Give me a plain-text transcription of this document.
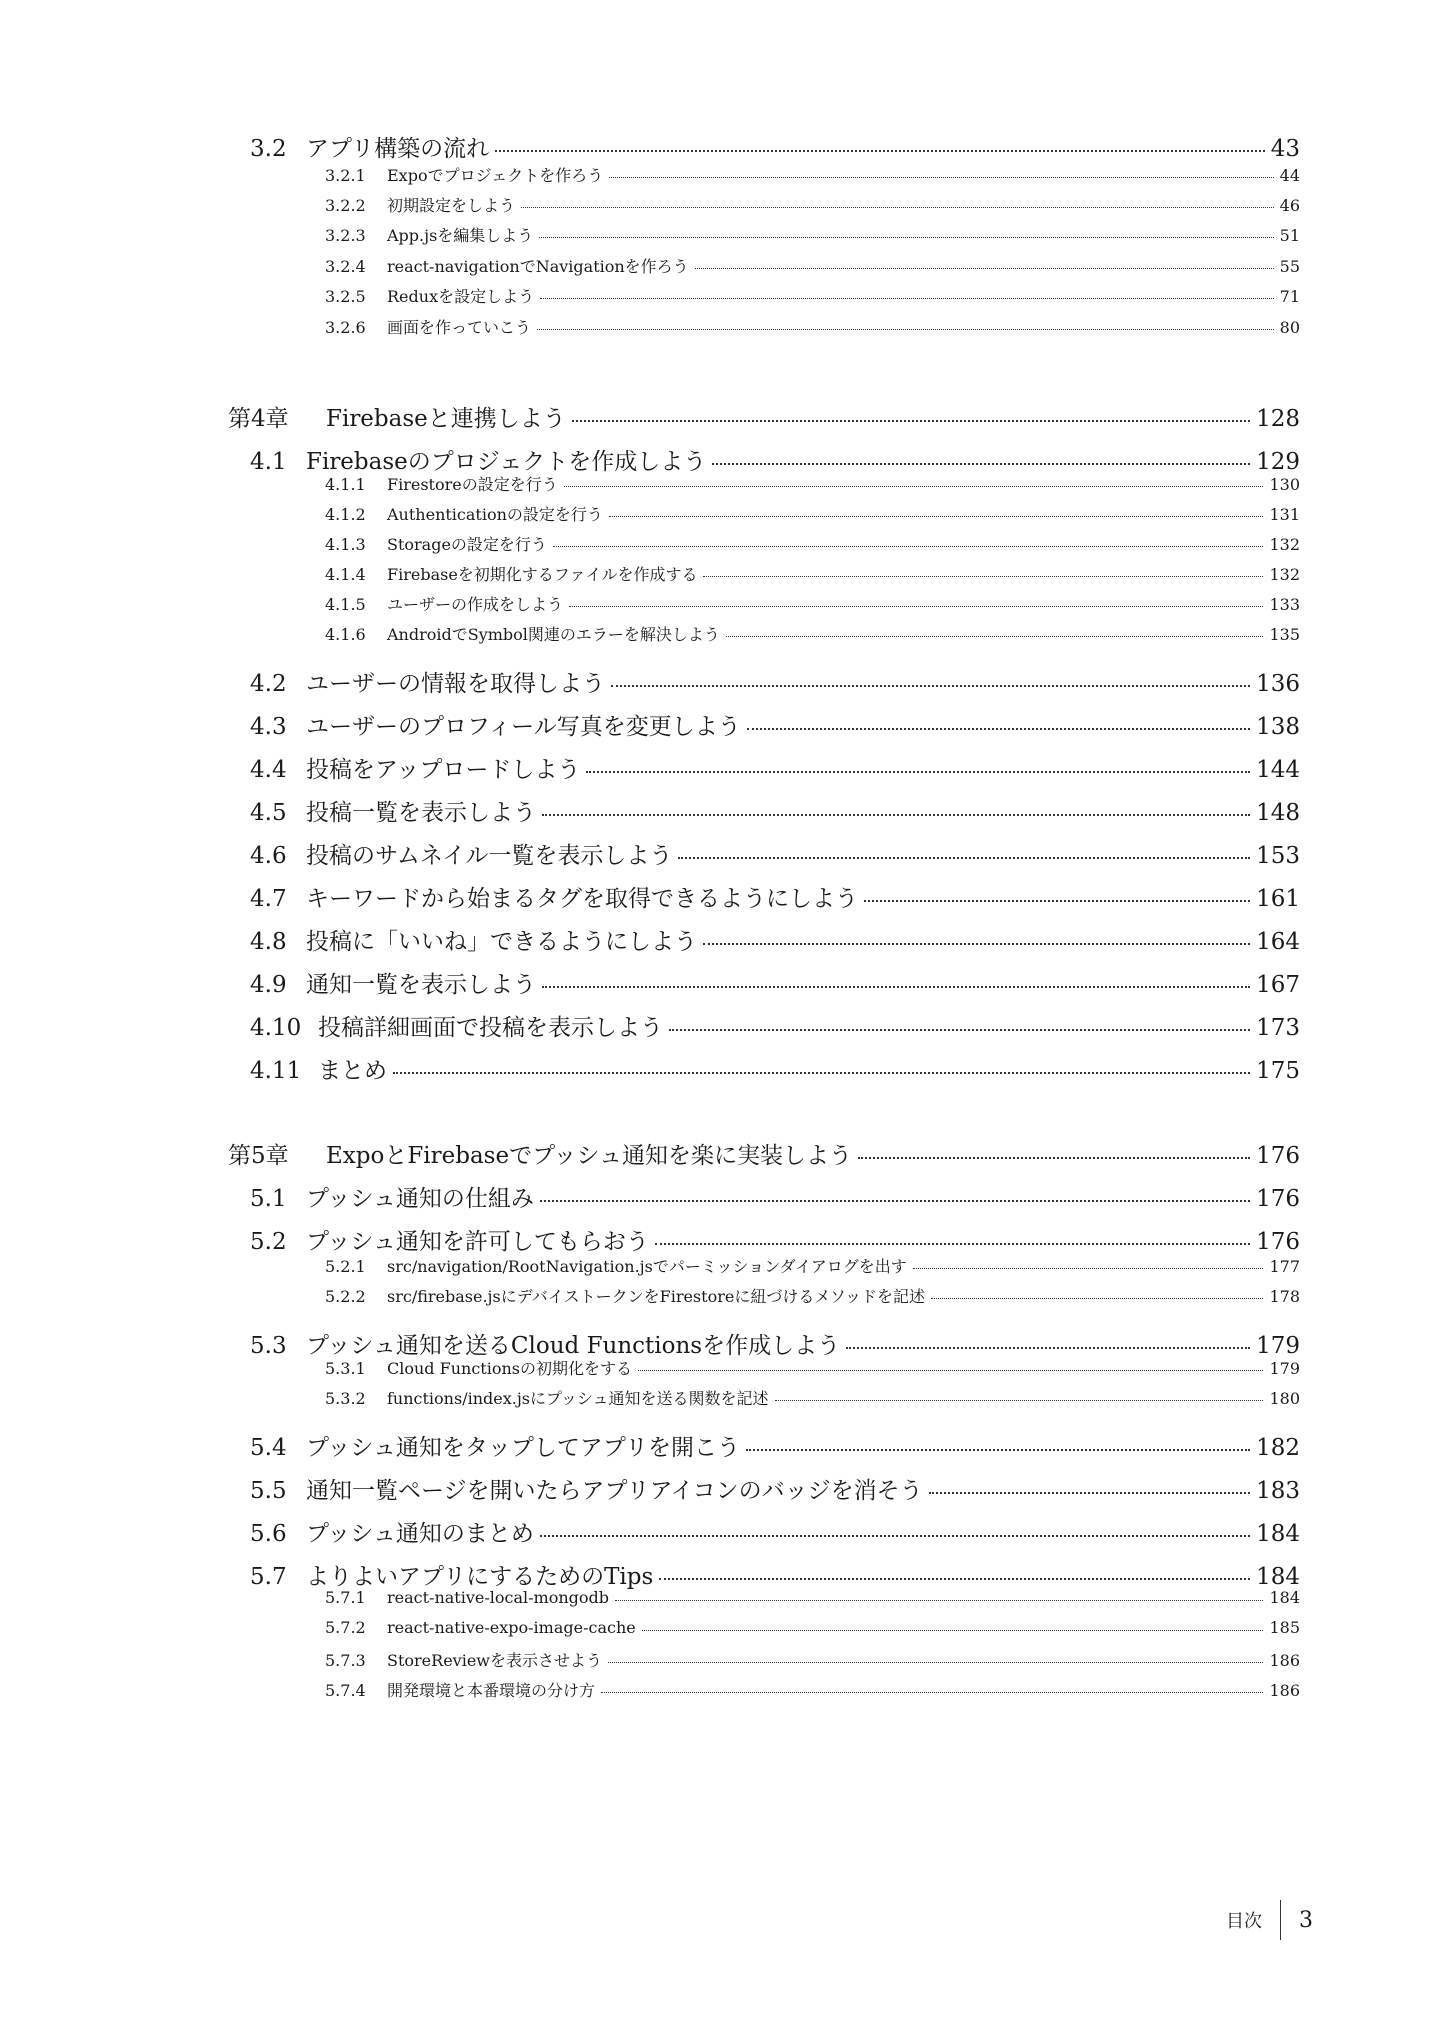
3.2 アプリ構築の流れ	43
3.2.1	Expoでプロジェクトを作ろう	44
3.2.2	初期設定をしよう	46
3.2.3	App.jsを編集しよう	51
3.2.4	react-navigationでNavigationを作ろう	55
3.2.5	Reduxを設定しよう	71
3.2.6	画面を作っていこう	80
第4章	Firebaseと連携しよう	128
4.1 Firebaseのプロジェクトを作成しよう	129
4.1.1	Firestoreの設定を行う	130
4.1.2	Authenticationの設定を行う	131
4.1.3	Storageの設定を行う	132
4.1.4	Firebaseを初期化するファイルを作成する	132
4.1.5	ユーザーの作成をしよう	133
4.1.6	AndroidでSymbol関連のエラーを解決しよう	135
4.2 ユーザーの情報を取得しよう	136
4.3 ユーザーのプロフィール写真を変更しよう	138
4.4 投稿をアップロードしよう	144
4.5 投稿一覧を表示しよう	148
4.6 投稿のサムネイル一覧を表示しよう	153
4.7 キーワードから始まるタグを取得できるようにしよう	161
4.8 投稿に「いいね」できるようにしよう	164
4.9 通知一覧を表示しよう	167
4.10 投稿詳細画面で投稿を表示しよう	173
4.11 まとめ	175
第5章	ExpoとFirebaseでプッシュ通知を楽に実装しよう	176
5.1 プッシュ通知の仕組み	176
5.2 プッシュ通知を許可してもらおう	176
5.2.1	src/navigation/RootNavigation.jsでパーミッションダイアログを出す	177
5.2.2	src/firebase.jsにデバイストークンをFirestoreに紐づけるメソッドを記述	178
5.3 プッシュ通知を送るCloud Functionsを作成しよう	179
5.3.1	Cloud Functionsの初期化をする	179
5.3.2	functions/index.jsにプッシュ通知を送る関数を記述	180
5.4 プッシュ通知をタップしてアプリを開こう	182
5.5 通知一覧ページを開いたらアプリアイコンのバッジを消そう	183
5.6 プッシュ通知のまとめ	184
5.7 よりよいアプリにするためのTips	184
5.7.1	react-native-local-mongodb	184
5.7.2	react-native-expo-image-cache	185
5.7.3	StoreReviewを表示させよう	186
5.7.4	開発環境と本番環境の分け方	186
目次 3
